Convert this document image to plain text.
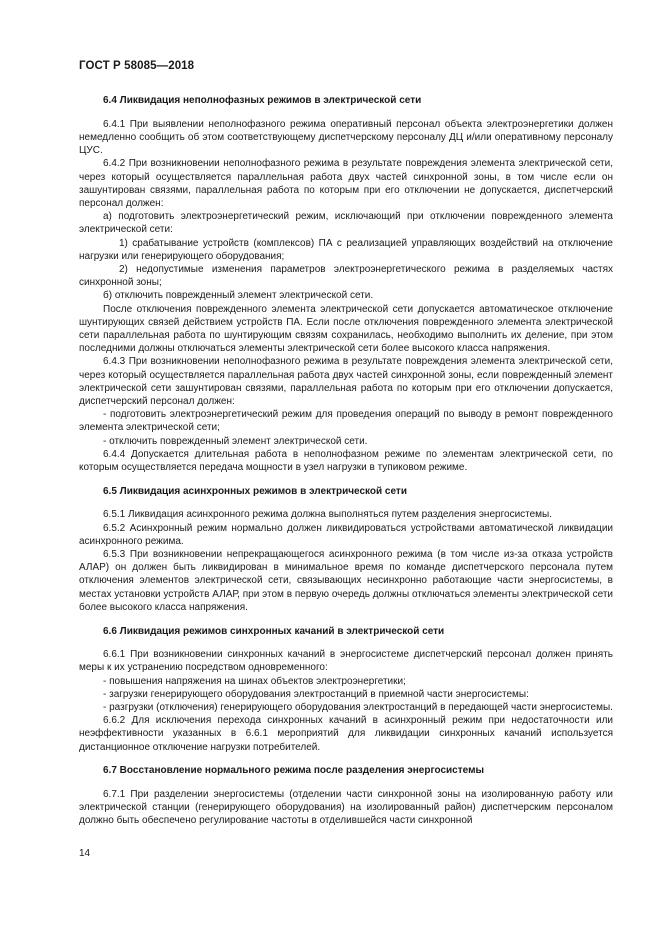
ГОСТ Р 58085—2018
6.4 Ликвидация неполнофазных режимов в электрической сети

6.4.1 При выявлении неполнофазного режима оперативный персонал объекта электроэнергетики должен немедленно сообщить об этом соответствующему диспетчерскому персоналу ДЦ и/или оперативному персоналу ЦУС.

6.4.2 При возникновении неполнофазного режима в результате повреждения элемента электрической сети, через который осуществляется параллельная работа двух частей синхронной зоны, в том числе если он зашунтирован связями, параллельная работа по которым при его отключении не допускается, диспетчерский персонал должен:

а) подготовить электроэнергетический режим, исключающий при отключении поврежденного элемента электрической сети:

1) срабатывание устройств (комплексов) ПА с реализацией управляющих воздействий на отключение нагрузки или генерирующего оборудования;

2) недопустимые изменения параметров электроэнергетического режима в разделяемых частях синхронной зоны;

б) отключить поврежденный элемент электрической сети.

После отключения поврежденного элемента электрической сети допускается автоматическое отключение шунтирующих связей действием устройств ПА. Если после отключения поврежденного элемента электрической сети параллельная работа по шунтирующим связям сохранилась, необходимо выполнить их деление, при этом последними должны отключаться элементы электрической сети более высокого класса напряжения.

6.4.3 При возникновении неполнофазного режима в результате повреждения элемента электрической сети, через который осуществляется параллельная работа двух частей синхронной зоны, если поврежденный элемент электрической сети зашунтирован связями, параллельная работа по которым при его отключении допускается, диспетчерский персонал должен:

- подготовить электроэнергетический режим для проведения операций по выводу в ремонт поврежденного элемента электрической сети;

- отключить поврежденный элемент электрической сети.

6.4.4 Допускается длительная работа в неполнофазном режиме по элементам электрической сети, по которым осуществляется передача мощности в узел нагрузки в тупиковом режиме.

6.5 Ликвидация асинхронных режимов в электрической сети

6.5.1 Ликвидация асинхронного режима должна выполняться путем разделения энергосистемы.

6.5.2 Асинхронный режим нормально должен ликвидироваться устройствами автоматической ликвидации асинхронного режима.

6.5.3 При возникновении непрекращающегося асинхронного режима (в том числе из-за отказа устройств АЛАР) он должен быть ликвидирован в минимальное время по команде диспетчерского персонала путем отключения элементов электрической сети, связывающих несинхронно работающие части энергосистемы, в местах установки устройств АЛАР, при этом в первую очередь должны отключаться элементы электрической сети более высокого класса напряжения.

6.6 Ликвидация режимов синхронных качаний в электрической сети

6.6.1 При возникновении синхронных качаний в энергосистеме диспетчерский персонал должен принять меры к их устранению посредством одновременного:

- повышения напряжения на шинах объектов электроэнергетики;

- загрузки генерирующего оборудования электростанций в приемной части энергосистемы:

- разгрузки (отключения) генерирующего оборудования электростанций в передающей части энергосистемы.

6.6.2 Для исключения перехода синхронных качаний в асинхронный режим при недостаточности или неэффективности указанных в 6.6.1 мероприятий для ликвидации синхронных качаний используется дистанционное отключение нагрузки потребителей.

6.7 Восстановление нормального режима после разделения энергосистемы

6.7.1 При разделении энергосистемы (отделении части синхронной зоны на изолированную работу или электрической станции (генерирующего оборудования) на изолированный район) диспетчерским персоналом должно быть обеспечено регулирование частоты в отделившейся части синхронной

14
